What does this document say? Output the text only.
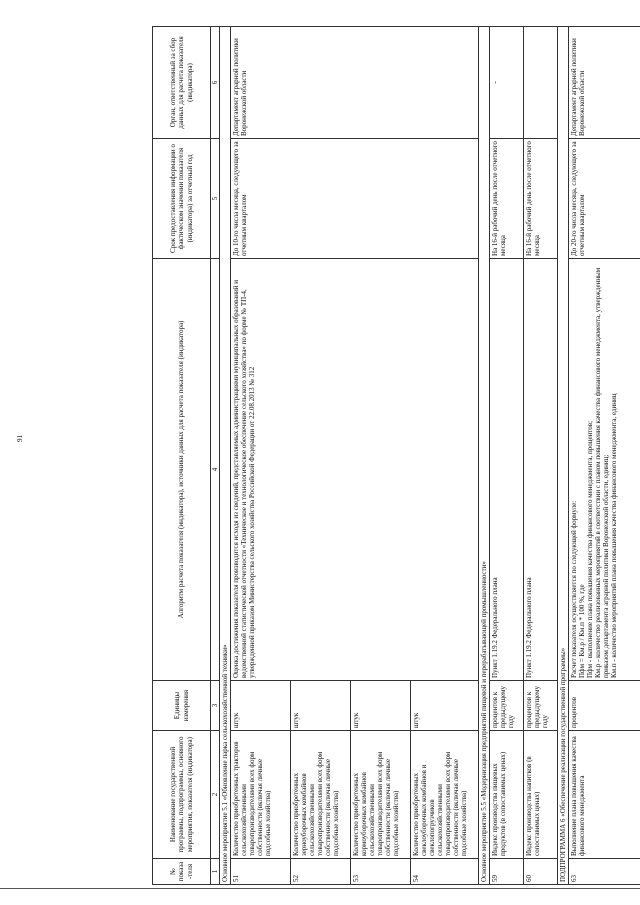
91
№ показа-теля	Наименование государственной программы, подпрограммы, основного мероприятия, показателя (индикатора)	Единицы измерения	Алгоритм расчета показателя (индикатора), источники данных для расчета показателя (индикатора)	Срок предоставления информации о фактическом значении показателя (индикатора) за отчетный год	Орган, ответственный за сбор данных для расчета показателя (индикатора)
1	2	3	4	5	6
Основное мероприятие 5.1 «Обновление парка сельскохозяйственной техники»					
51	Количество приобретенных тракторов сельскохозяйственными товаропроизводителями всех форм собственности (включая личные подсобные хозяйства)	штук	Оценка достижения показателя производится исходя из сведений, представляемых администрациями муниципальных образований и ведомственной статистической отчетности «Техническое и технологическое обеспечение сельского хозяйства» по форме № ТП-4, утвержденной приказом Министерства сельского хозяйства Российской Федерации от 22.08.2013 № 312	До 10-го числа месяца, следующего за отчетным кварталом	Департамент аграрной политики Воронежской области
52	Количество приобретенных зерноуборочных комбайнов сельскохозяйственными товаропроизводителями всех форм собственности (включая личные подсобные хозяйства)	штук			
53	Количество приобретенных кормоуборочных комбайнов сельскохозяйственными товаропроизводителями всех форм собственности (включая личные подсобные хозяйства)	штук			
54	Количество приобретенных свеклоуборочных комбайнов и свеклопогрузчиков сельскохозяйственными товаропроизводителями всех форм собственности (включая личные подсобные хозяйства)	штук			
Основное мероприятие 5.5 «Модернизация предприятий пищевой и перерабатывающей промышленности»					
59	Индекс производства пищевых продуктов (в сопоставимых ценах)	процентов к предыдущему году	Пункт 1.19.2 Федерального плана	На 16-й рабочий день после отчетного месяца	-
60	Индекс производства напитков (в сопоставимых ценах)	процентов к предыдущему году	Пункт 1.19.2 Федерального плана	На 16-й рабочий день после отчетного месяца	
ПОДПРОГРАММА 6 «Обеспечение реализации государственной программы»					
63	Выполнение плана повышения качества финансового менеджмента	процентов	Расчет показателя осуществляется по следующей формуле:
Пфм = Км.р / Км.п * 100 %, где
Пфм - выполнение плана повышения качества финансового менеджмента, процентов;
Км.р - количество реализованных мероприятий в соответствии с планом повышения качества финансового менеджмента, утвержденным приказом департамента аграрной политики Воронежской области, единиц;
Км.п - количество мероприятий плана повышения качества финансового менеджмента, единиц	До 20-го числа месяца, следующего за отчетным кварталом	Департамент аграрной политики Воронежской области
